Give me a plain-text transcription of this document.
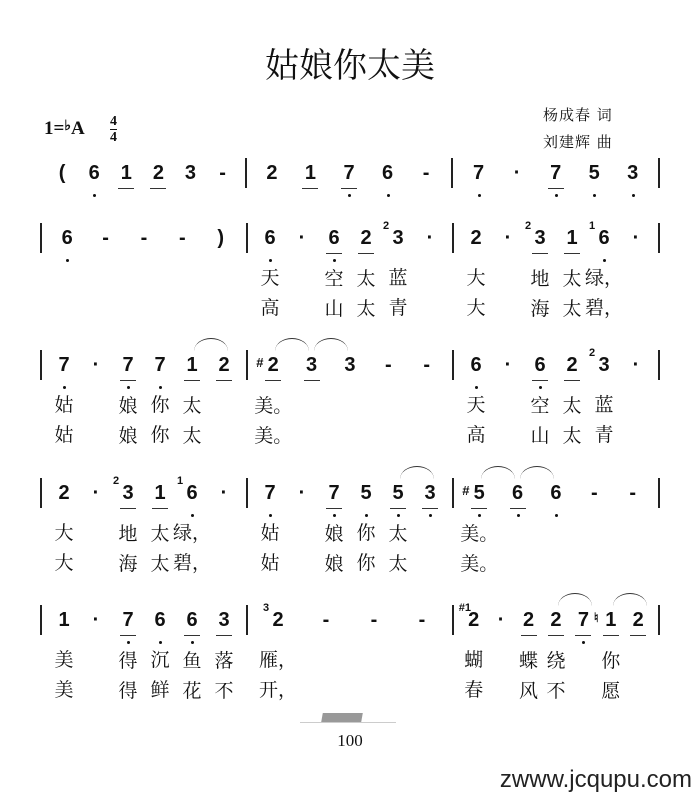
姑娘你太美
1=♭A 4
4
杨成春 词
刘建辉 曲
( 6 1 2 3 - 2 1 7 6 - 7 · 7 5 3
6 - - - ) 6
天
高
· 6
空
山
2
太
太
3
2
蓝
青
· 2
大
大
· 3
2
地
海
1
太
太
6
1
绿，
碧，
·
7
姑
姑
· 7
娘
娘
7
你
你
1
太
太
2 2
#
美。
美。
3 3 - - 6
天
高
· 6
空
山
2
太
太
3
2
蓝
青
·
2
大
大
· 3
2
地
海
1
太
太
6
1
绿，
碧，
· 7
姑
姑
· 7
娘
娘
5
你
你
5
太
太
3 5
#
美。
美。
6 6 - -
1
美
美
· 7
得
得
6
沉
鲜
6
鱼
花
3
落
不
2
3
雁，
开，
- - - 2
#1
蝴
春
· 2
蝶
风
2
绕
不
7 1
♮
你
愿
2
100
zwww.jcqupu.com
